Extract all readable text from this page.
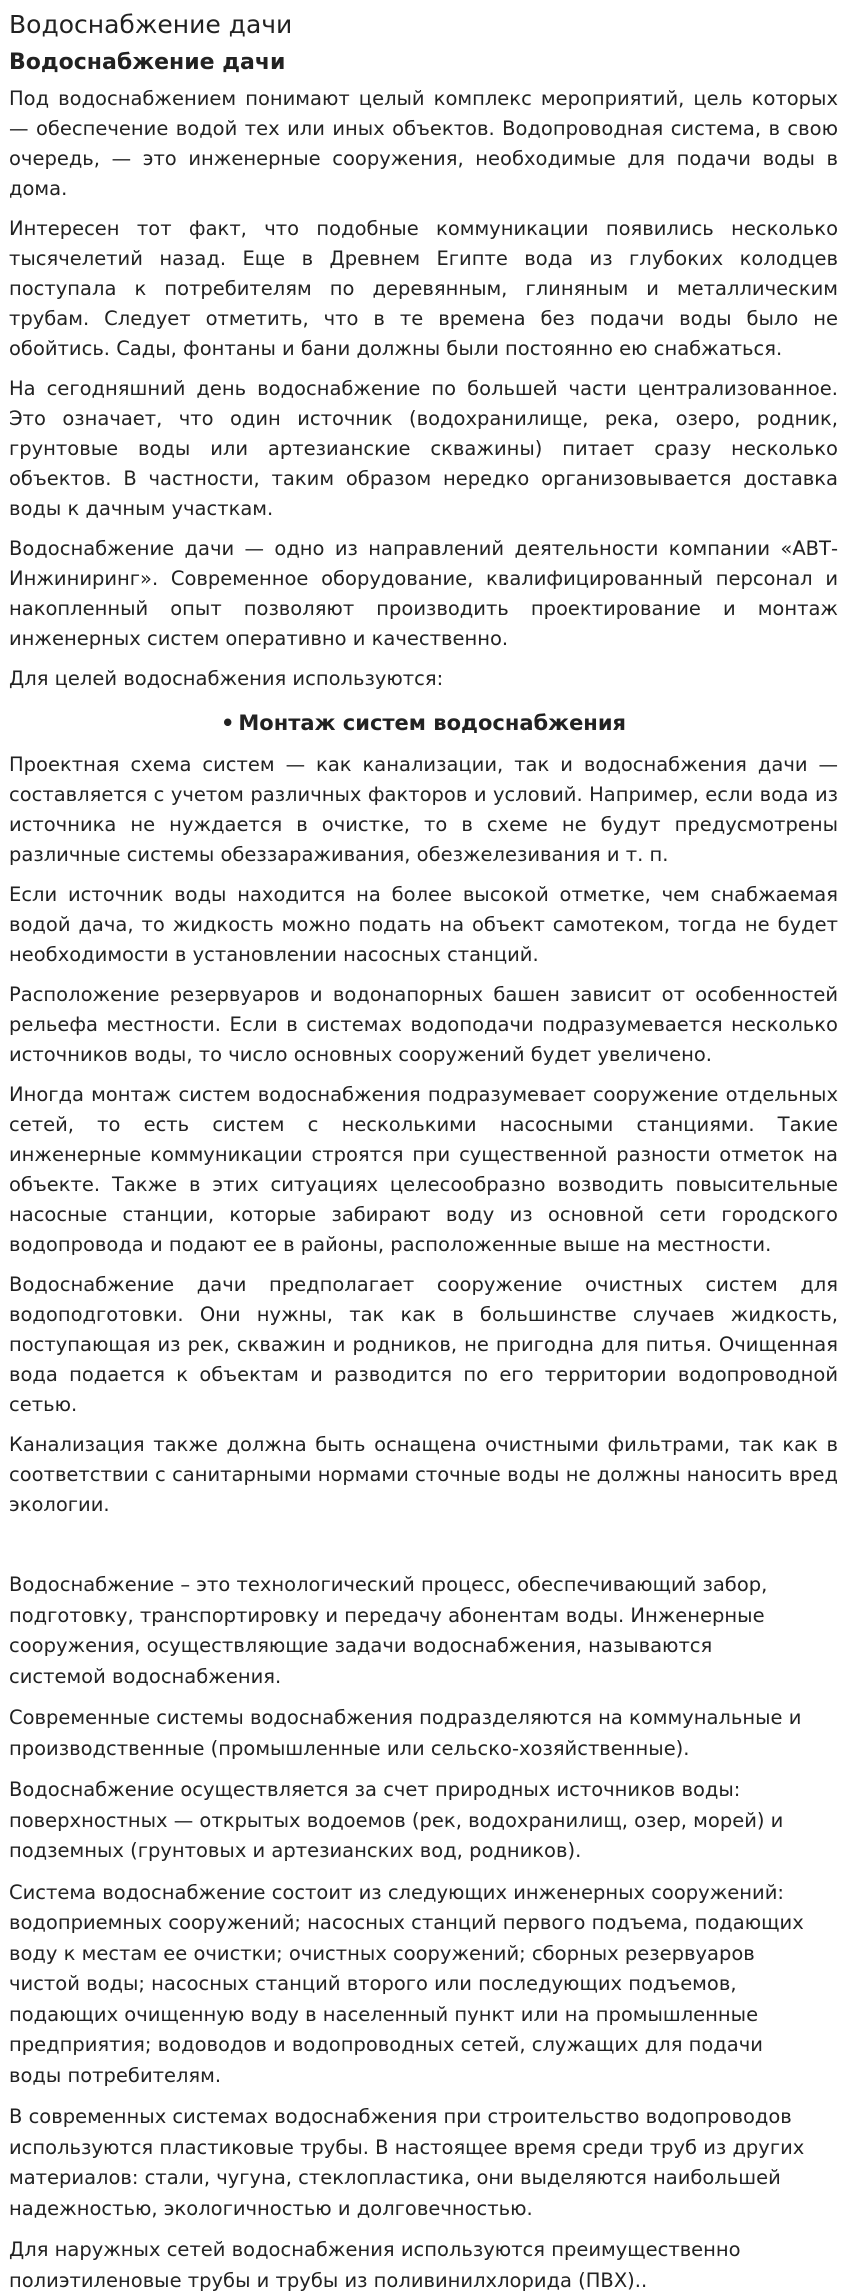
Водоснабжение дачи
Водоснабжение дачи

Под водоснабжением понимают целый комплекс мероприятий, цель которых — обеспечение водой тех или иных объектов. Водопроводная система, в свою очередь, — это инженерные сооружения, необходимые для подачи воды в дома.

Интересен тот факт, что подобные коммуникации появились несколько тысячелетий назад. Еще в Древнем Египте вода из глубоких колодцев поступала к потребителям по деревянным, глиняным и металлическим трубам. Следует отметить, что в те времена без подачи воды было не обойтись. Сады, фонтаны и бани должны были постоянно ею снабжаться.

На сегодняшний день водоснабжение по большей части централизованное. Это означает, что один источник (водохранилище, река, озеро, родник, грунтовые воды или артезианские скважины) питает сразу несколько объектов. В частности, таким образом нередко организовывается доставка воды к дачным участкам.

Водоснабжение дачи — одно из направлений деятельности компании «АВТ-Инжиниринг». Современное оборудование, квалифицированный персонал и накопленный опыт позволяют производить проектирование и монтаж инженерных систем оперативно и качественно.

Для целей водоснабжения используются:

• Монтаж систем водоснабжения

Проектная схема систем — как канализации, так и водоснабжения дачи — составляется с учетом различных факторов и условий. Например, если вода из источника не нуждается в очистке, то в схеме не будут предусмотрены различные системы обеззараживания, обезжелезивания и т. п.

Если источник воды находится на более высокой отметке, чем снабжаемая водой дача, то жидкость можно подать на объект самотеком, тогда не будет необходимости в установлении насосных станций.

Расположение резервуаров и водонапорных башен зависит от особенностей рельефа местности. Если в системах водоподачи подразумевается несколько источников воды, то число основных сооружений будет увеличено.

Иногда монтаж систем водоснабжения подразумевает сооружение отдельных сетей, то есть систем с несколькими насосными станциями. Такие инженерные коммуникации строятся при существенной разности отметок на объекте. Также в этих ситуациях целесообразно возводить повысительные насосные станции, которые забирают воду из основной сети городского водопровода и подают ее в районы, расположенные выше на местности.

Водоснабжение дачи предполагает сооружение очистных систем для водоподготовки. Они нужны, так как в большинстве случаев жидкость, поступающая из рек, скважин и родников, не пригодна для питья. Очищенная вода подается к объектам и разводится по его территории водопроводной сетью.

Канализация также должна быть оснащена очистными фильтрами, так как в соответствии с санитарными нормами сточные воды не должны наносить вред экологии.

Водоснабжение – это технологический процесс, обеспечивающий забор, подготовку, транспортировку и передачу абонентам воды. Инженерные сооружения, осуществляющие задачи водоснабжения, называются системой водоснабжения.

Современные системы водоснабжения подразделяются на коммунальные и производственные (промышленные или сельско-хозяйственные).

Водоснабжение осуществляется за счет природных источников воды: поверхностных — открытых водоемов (рек, водохранилищ, озер, морей) и подземных (грунтовых и артезианских вод, родников).

Система водоснабжение состоит из следующих инженерных сооружений: водоприемных сооружений; насосных станций первого подъема, подающих воду к местам ее очистки; очистных сооружений; сборных резервуаров чистой воды; насосных станций второго или последующих подъемов, подающих очищенную воду в населенный пункт или на промышленные предприятия; водоводов и водопроводных сетей, служащих для подачи воды потребителям.

В современных системах водоснабжения при строительство водопроводов используются пластиковые трубы. В настоящее время среди труб из других материалов: стали, чугуна, стеклопластика, они выделяются наибольшей надежностью, экологичностью и долговечностью.

Для наружных сетей водоснабжения используются преимущественно полиэтиленовые трубы и трубы из поливинилхлорида (ПВХ)..
